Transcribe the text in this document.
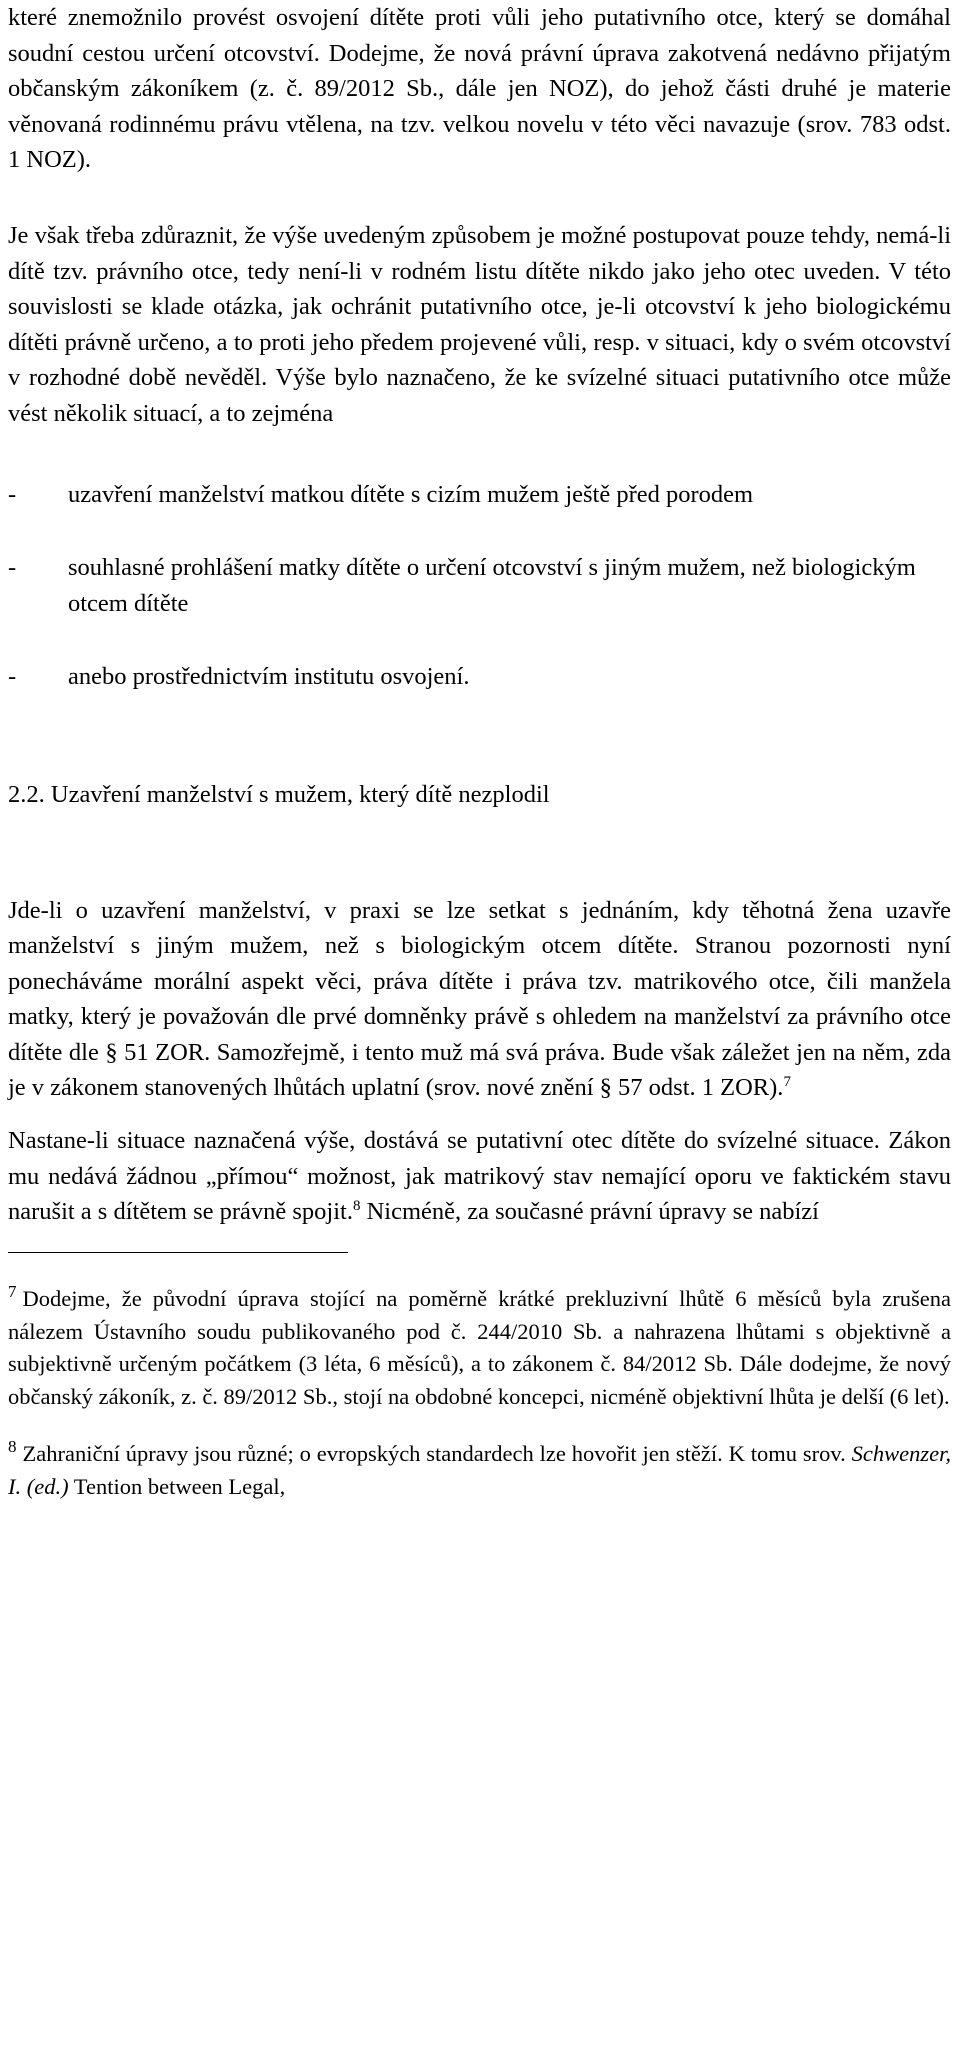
které znemožnilo provést osvojení dítěte proti vůli jeho putativního otce, který se domáhal soudní cestou určení otcovství. Dodejme, že nová právní úprava zakotvená nedávno přijatým občanským zákoníkem (z. č. 89/2012 Sb., dále jen NOZ), do jehož části druhé je materie věnovaná rodinnému právu vtělena, na tzv. velkou novelu v této věci navazuje (srov. 783 odst. 1 NOZ).

Je však třeba zdůraznit, že výše uvedeným způsobem je možné postupovat pouze tehdy, nemá-li dítě tzv. právního otce, tedy není-li v rodném listu dítěte nikdo jako jeho otec uveden. V této souvislosti se klade otázka, jak ochránit putativního otce, je-li otcovství k jeho biologickému dítěti právně určeno, a to proti jeho předem projevené vůli, resp. v situaci, kdy o svém otcovství v rozhodné době nevěděl. Výše bylo naznačeno, že ke svízelné situaci putativního otce může vést několik situací, a to zejména

-	uzavření manželství matkou dítěte s cizím mužem ještě před porodem
-	souhlasné prohlášení matky dítěte o určení otcovství s jiným mužem, než biologickým otcem dítěte
-	anebo prostřednictvím institutu osvojení.

2.2. Uzavření manželství s mužem, který dítě nezplodil

Jde-li o uzavření manželství, v praxi se lze setkat s jednáním, kdy těhotná žena uzavře manželství s jiným mužem, než s biologickým otcem dítěte. Stranou pozornosti nyní ponecháváme morální aspekt věci, práva dítěte i práva tzv. matrikového otce, čili manžela matky, který je považován dle prvé domněnky právě s ohledem na manželství za právního otce dítěte dle § 51 ZOR. Samozřejmě, i tento muž má svá práva. Bude však záležet jen na něm, zda je v zákonem stanovených lhůtách uplatní (srov. nové znění § 57 odst. 1 ZOR).$^7$

Nastane-li situace naznačená výše, dostává se putativní otec dítěte do svízelné situace. Zákon mu nedává žádnou „přímou“ možnost, jak matrikový stav nemající oporu ve faktickém stavu narušit a s dítětem se právně spojit.$^8$ Nicméně, za současné právní úpravy se nabízí

$^7$ Dodejme, že původní úprava stojící na poměrně krátké prekluzivní lhůtě 6 měsíců byla zrušena nálezem Ústavního soudu publikovaného pod č. 244/2010 Sb. a nahrazena lhůtami s objektivně a subjektivně určeným počátkem (3 léta, 6 měsíců), a to zákonem č. 84/2012 Sb. Dále dodejme, že nový občanský zákoník, z. č. 89/2012 Sb., stojí na obdobné koncepci, nicméně objektivní lhůta je delší (6 let).

$^8$ Zahraniční úpravy jsou různé; o evropských standardech lze hovořit jen stěží. K tomu srov. Schwenzer, I. (ed.) Tention between Legal,
